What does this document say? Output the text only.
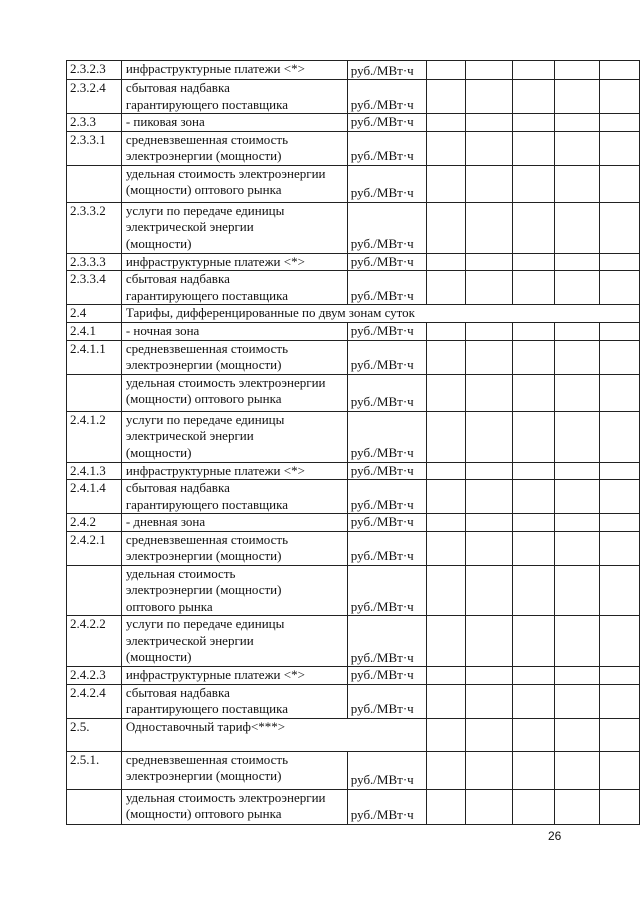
2.3.2.3	инфраструктурные платежи <*>	руб./МВт·ч					
2.3.2.4	сбытовая надбавка
гарантирующего поставщика	руб./МВт·ч					
2.3.3	- пиковая зона	руб./МВт·ч					
2.3.3.1	средневзвешенная стоимость
электроэнергии (мощности)	руб./МВт·ч					
	удельная стоимость электроэнергии
(мощности) оптового рынка	руб./МВт·ч					
2.3.3.2	услуги по передаче единицы
электрической энергии
(мощности)	руб./МВт·ч					
2.3.3.3	инфраструктурные платежи <*>	руб./МВт·ч					
2.3.3.4	сбытовая надбавка
гарантирующего поставщика	руб./МВт·ч					
2.4	Тарифы, дифференцированные по двум зонам суток						
2.4.1	- ночная зона	руб./МВт·ч					
2.4.1.1	средневзвешенная стоимость
электроэнергии (мощности)	руб./МВт·ч					
	удельная стоимость электроэнергии
(мощности) оптового рынка	руб./МВт·ч					
2.4.1.2	услуги по передаче единицы
электрической энергии
(мощности)	руб./МВт·ч					
2.4.1.3	инфраструктурные платежи <*>	руб./МВт·ч					
2.4.1.4	сбытовая надбавка
гарантирующего поставщика	руб./МВт·ч					
2.4.2	- дневная зона	руб./МВт·ч					
2.4.2.1	средневзвешенная стоимость
электроэнергии (мощности)	руб./МВт·ч					
	удельная стоимость
электроэнергии (мощности)
оптового рынка	руб./МВт·ч					
2.4.2.2	услуги по передаче единицы
электрической энергии
(мощности)	руб./МВт·ч					
2.4.2.3	инфраструктурные платежи <*>	руб./МВт·ч					
2.4.2.4	сбытовая надбавка
гарантирующего поставщика	руб./МВт·ч					
2.5.	Одноставочный тариф<***>						
2.5.1.	средневзвешенная стоимость
электроэнергии (мощности)	руб./МВт·ч					
	удельная стоимость электроэнергии
(мощности) оптового рынка	руб./МВт·ч					
26
